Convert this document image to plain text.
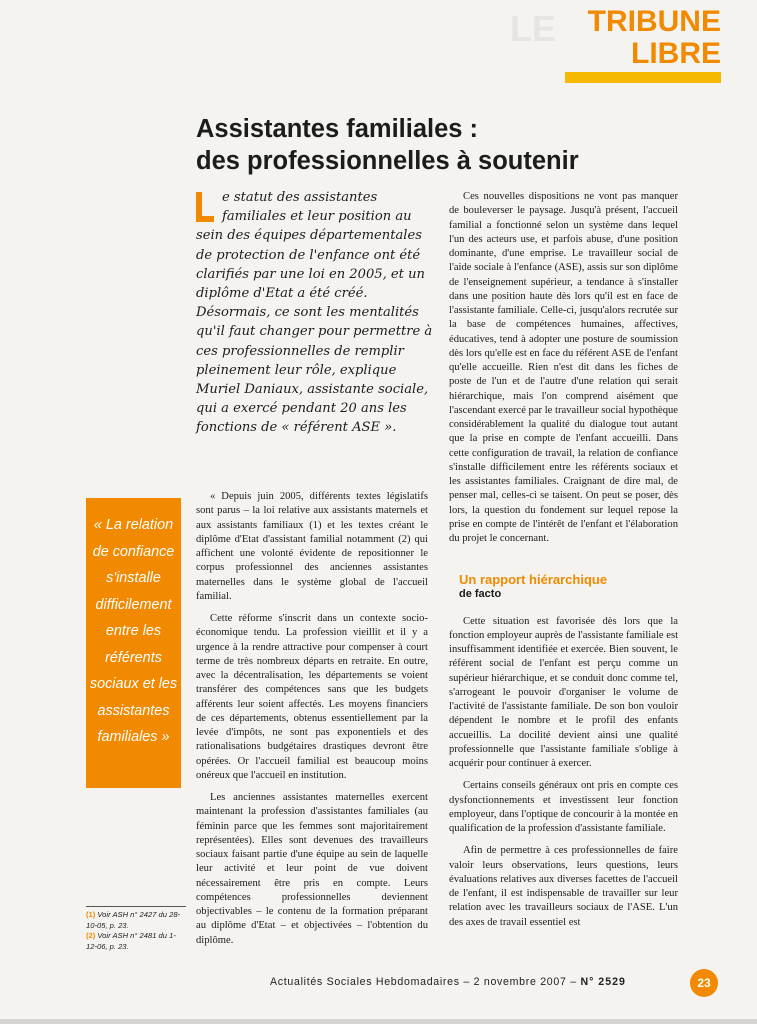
LE	TRIBUNE
LIBRE
Assistantes familiales :
des professionnelles à soutenir
e statut des assistantes familiales et leur position au sein des équipes départementales de protection de l'enfance ont été clarifiés par une loi en 2005, et un diplôme d'Etat a été créé. Désormais, ce sont les mentalités qu'il faut changer pour permettre à ces professionnelles de remplir pleinement leur rôle, explique Muriel Daniaux, assistante sociale, qui a exercé pendant 20 ans les fonctions de « référent ASE ».
« La relation de confiance s'installe difficilement entre les référents sociaux et les assistantes familiales »

« Depuis juin 2005, différents textes législatifs sont parus – la loi relative aux assistants maternels et aux assistants familiaux (1) et les textes créant le diplôme d'Etat d'assistant familial notamment (2) qui affichent une volonté évidente de repositionner le corpus professionnel des anciennes assistantes maternelles dans le système global de l'accueil familial.

Cette réforme s'inscrit dans un contexte socio-économique tendu. La profession vieillit et il y a urgence à la rendre attractive pour compenser à court terme de très nombreux départs en retraite. En outre, avec la décentralisation, les départements se voient transférer des compétences sans que les budgets afférents leur soient affectés. Les moyens financiers de ces départements, obtenus essentiellement par la levée d'impôts, ne sont pas exponentiels et des rationalisations budgétaires drastiques devront être opérées. Or l'accueil familial est beaucoup moins onéreux que l'accueil en institution.

Les anciennes assistantes maternelles exercent maintenant la profession d'assistantes familiales (au féminin parce que les femmes sont majoritairement représentées). Elles sont devenues des travailleurs sociaux faisant partie d'une équipe au sein de laquelle leur activité et leur point de vue doivent nécessairement être pris en compte. Leurs compétences professionnelles deviennent objectivables – le contenu de la formation préparant au diplôme d'Etat – et objectivées – l'obtention du diplôme.

Ces nouvelles dispositions ne vont pas manquer de bouleverser le paysage. Jusqu'à présent, l'accueil familial a fonctionné selon un système dans lequel l'un des acteurs use, et parfois abuse, d'une position dominante, d'une emprise. Le travailleur social de l'aide sociale à l'enfance (ASE), assis sur son diplôme de l'enseignement supérieur, a tendance à s'installer dans une position haute dès lors qu'il est en face de l'assistante familiale. Celle-ci, jusqu'alors recrutée sur la base de compétences humaines, affectives, éducatives, tend à adopter une posture de soumission dès lors qu'elle est en face du référent ASE de l'enfant qu'elle accueille. Rien n'est dit dans les fiches de poste de l'un et de l'autre d'une relation qui serait hiérarchique, mais l'on comprend aisément que l'ascendant exercé par le travailleur social hypothèque considérablement la qualité du dialogue tout autant que la prise en compte de l'enfant accueilli. Dans cette configuration de travail, la relation de confiance s'installe difficilement entre les référents sociaux et les assistantes familiales. Craignant de dire mal, de penser mal, celles-ci se taisent. On peut se poser, dès lors, la question du fondement sur lequel repose la prise en compte de l'intérêt de l'enfant et l'élaboration du projet le concernant.

Un rapport hiérarchique
de facto

Cette situation est favorisée dès lors que la fonction employeur auprès de l'assistante familiale est insuffisamment identifiée et exercée. Bien souvent, le référent social de l'enfant est perçu comme un supérieur hiérarchique, et se conduit donc comme tel, s'arrogeant le pouvoir d'organiser le volume de l'activité de l'assistante familiale. De son bon vouloir dépendent le nombre et le profil des enfants accueillis. La docilité devient ainsi une qualité professionnelle que l'assistante familiale s'oblige à acquérir pour continuer à exercer.

Certains conseils généraux ont pris en compte ces dysfonctionnements et investissent leur fonction employeur, dans l'optique de concourir à la montée en qualification de la profession d'assistante familiale.

Afin de permettre à ces professionnelles de faire valoir leurs observations, leurs questions, leurs évaluations relatives aux diverses facettes de l'accueil de l'enfant, il est indispensable de travailler sur leur relation avec les travailleurs sociaux de l'ASE. L'un des axes de travail essentiel est

(1) Voir ASH n° 2427 du 28-10-05, p. 23.
(2) Voir ASH n° 2481 du 1-12-06, p. 23.
Actualités Sociales Hebdomadaires – 2 novembre 2007 – N° 2529	23
